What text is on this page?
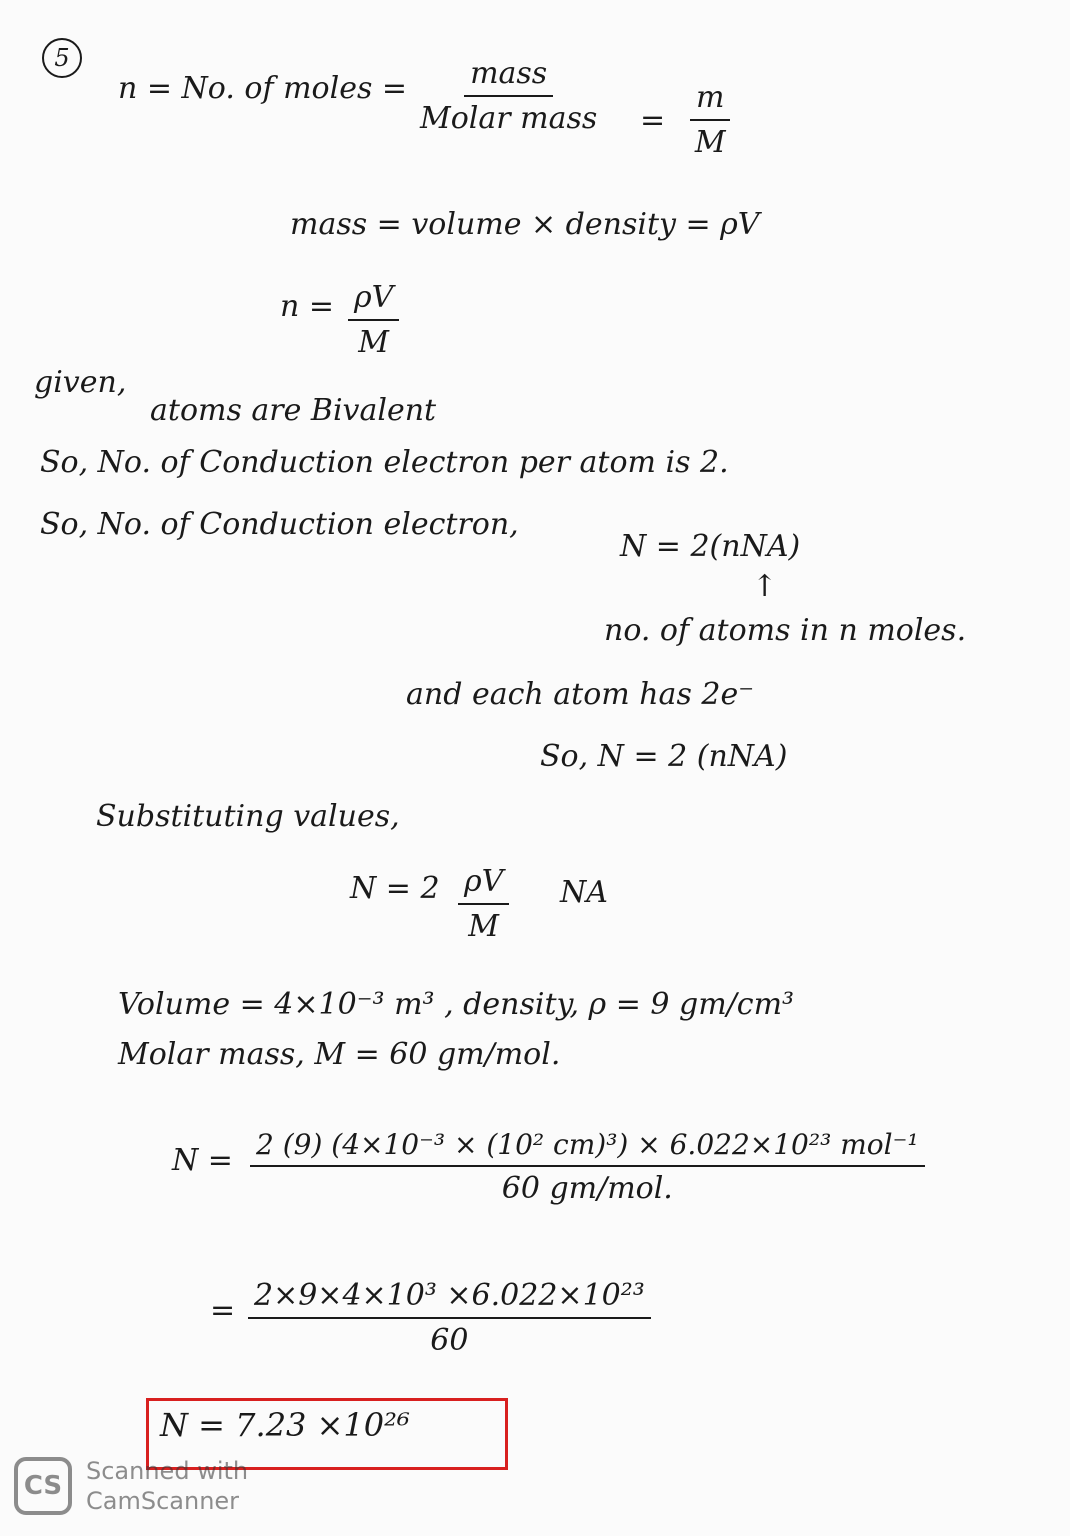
5
n = No. of moles = mass
Molar mass = $\frac{m}{M}$
mass = volume × density = ρV
$n = \frac{\rho V}{M}$
given,
atoms are Bivalent
So, No. of Conduction electron per atom is 2.
So, No. of Conduction electron,
N = 2(nNA)
↑
no. of atoms in n moles.
and each atom has 2e⁻
So, N = 2 (nNA)
Substituting values,
$N = 2 \frac{\rho V}{M}$ NA
Volume = 4×10⁻³ m³ , density, ρ = 9 gm/cm³
Molar mass, M = 60 gm/mol.
N = 2 (9) (4×10⁻³ × (10² cm)³) × 6.022×10²³ mol⁻¹
60 gm/mol.
= $\frac{\text{2×9×4×10³ ×6.022×10²³}}{60}$
N = 7.23 ×10²⁶
CS Scanned with
CamScanner
